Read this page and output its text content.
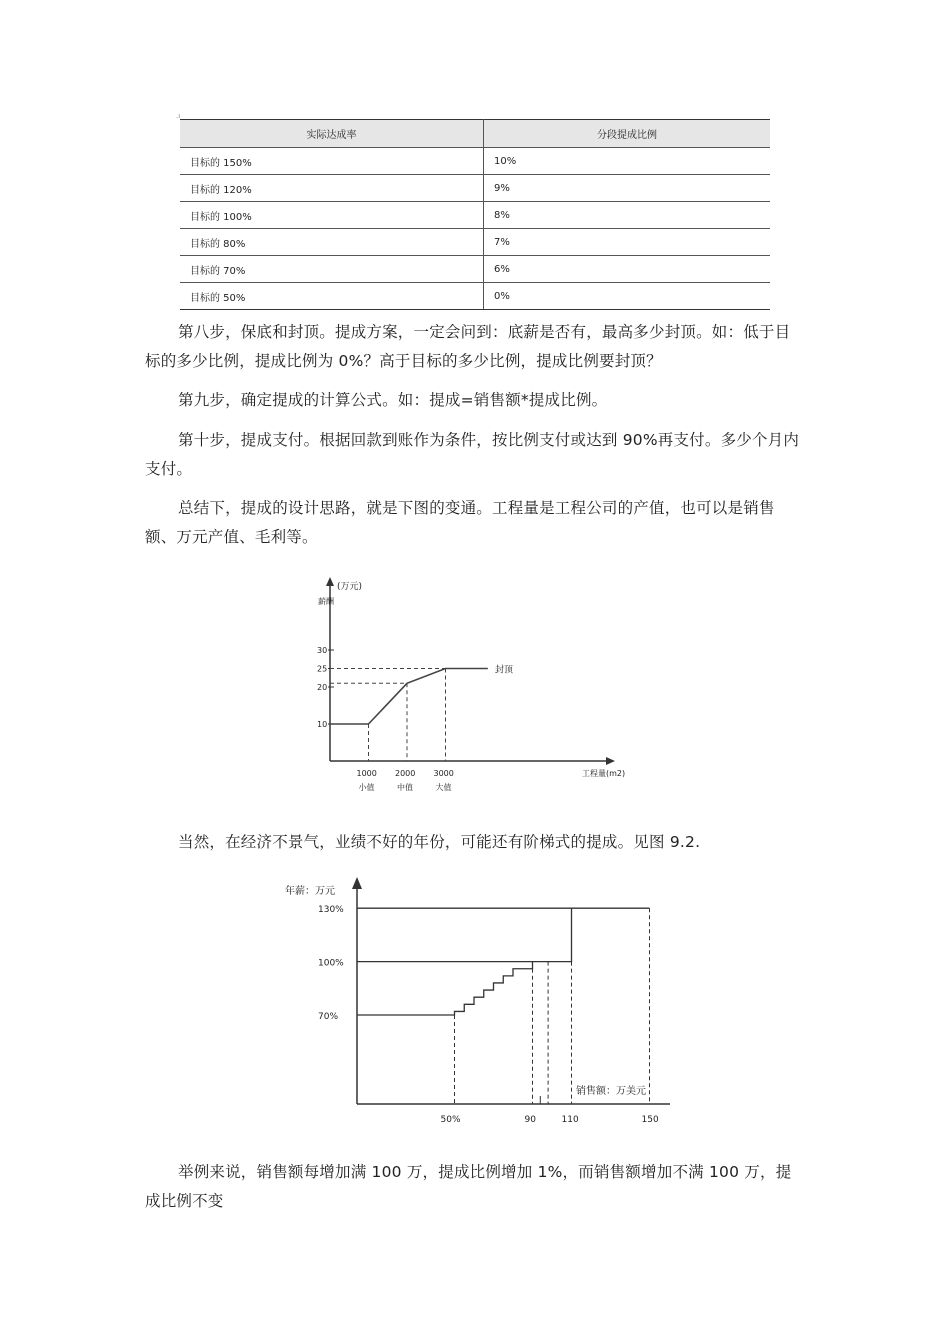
.ı
实际达成率	分段提成比例
目标的 150%	10%
目标的 120%	9%
目标的 100%	8%
目标的 80%	7%
目标的 70%	6%
目标的 50%	0%

第八步，保底和封顶。提成方案，一定会问到：底薪是否有，最高多少封顶。如：低于目标的多少比例，提成比例为 0%？高于目标的多少比例，提成比例要封顶？

第九步，确定提成的计算公式。如：提成=销售额*提成比例。

第十步，提成支付。根据回款到账作为条件，按比例支付或达到 90%再支付。多少个月内支付。

总结下，提成的设计思路，就是下图的变通。工程量是工程公司的产值，也可以是销售额、万元产值、毛利等。

(万元)
薪酬
10
20
25
30
封顶
1000
小值
2000
中值
3000
大值
工程量(m2)

当然，在经济不景气，业绩不好的年份，可能还有阶梯式的提成。见图 9.2.

年薪：万元
销售额：万美元
70%
100%
130%
50%	90	110	150

举例来说，销售额每增加满 100 万，提成比例增加 1%，而销售额增加不满 100 万，提成比例不变
